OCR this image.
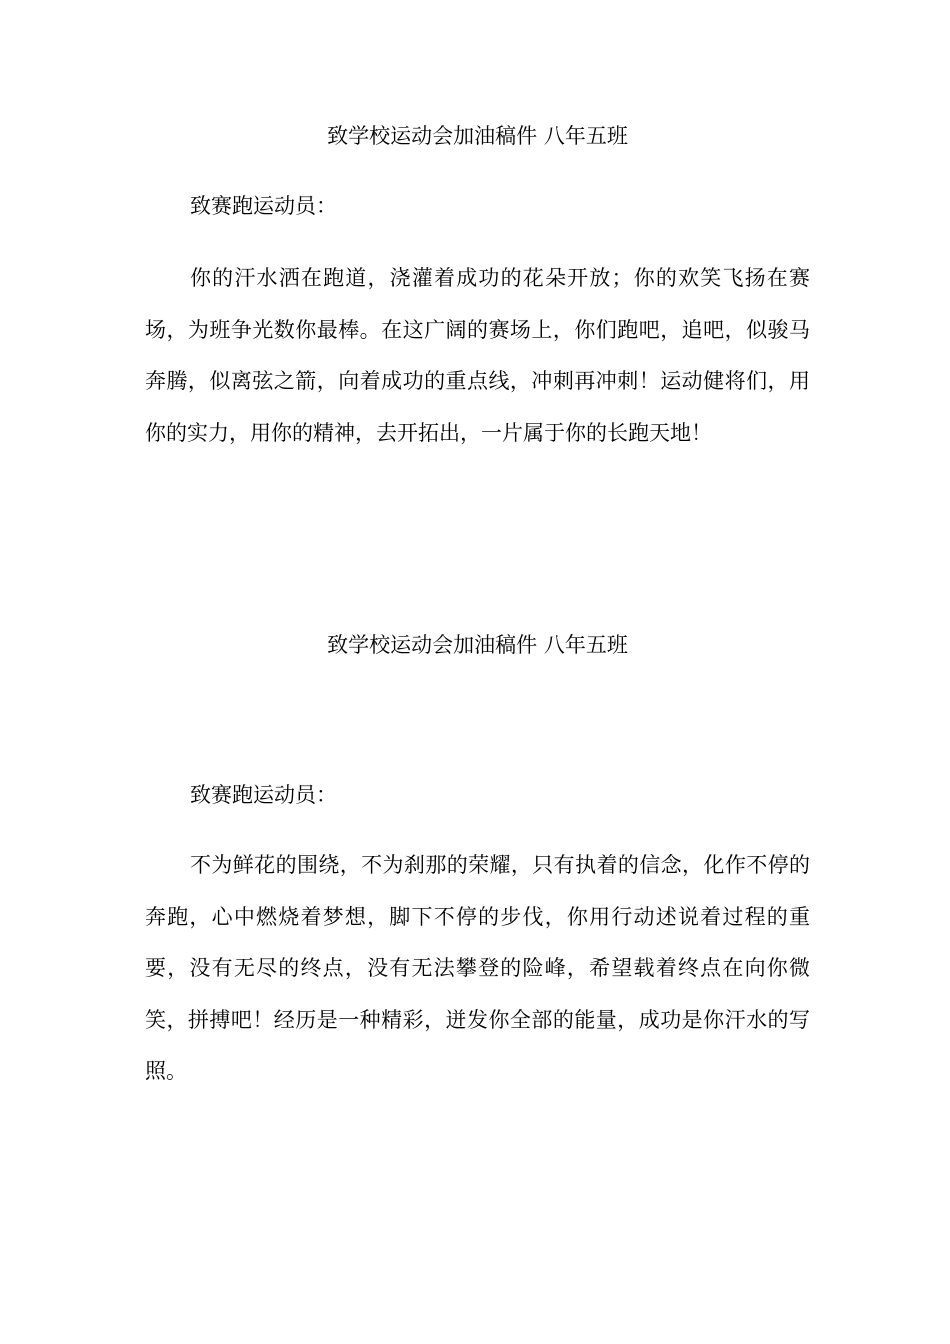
致学校运动会加油稿件 八年五班

致赛跑运动员：

你的汗水洒在跑道，浇灌着成功的花朵开放；你的欢笑飞扬在赛场，为班争光数你最棒。在这广阔的赛场上，你们跑吧，追吧，似骏马奔腾，似离弦之箭，向着成功的重点线，冲刺再冲刺！运动健将们，用你的实力，用你的精神，去开拓出，一片属于你的长跑天地！

致学校运动会加油稿件 八年五班

致赛跑运动员：

不为鲜花的围绕，不为刹那的荣耀，只有执着的信念，化作不停的奔跑，心中燃烧着梦想，脚下不停的步伐，你用行动述说着过程的重要，没有无尽的终点，没有无法攀登的险峰，希望载着终点在向你微笑，拼搏吧！经历是一种精彩，迸发你全部的能量，成功是你汗水的写照。
